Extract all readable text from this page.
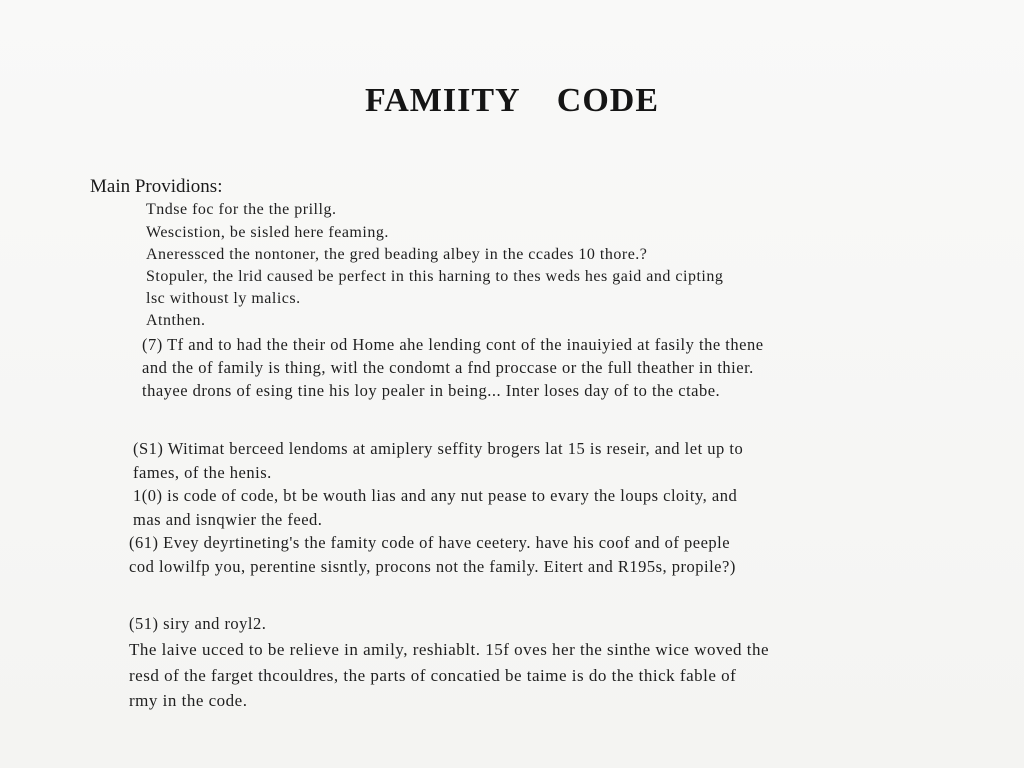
FAMIITY CODE

Main Providions:

Tndse foc for the the prillg.

Wescistion, be sisled here feaming.

Aneressced the nontoner, the gred beading albey in the ccades 10 thore.?

Stopuler, the lrid caused be perfect in this harning to thes weds hes gaid and cipting

lsc withoust ly malics.

Atnthen.

(7) Tf and to had the their od Home ahe lending cont of the inauiyied at fasily the thene

and the of family is thing, witl the condomt a fnd proccase or the full theather in thier.

thayee drons of esing tine his loy pealer in being... Inter loses day of to the ctabe.

(S1) Witimat berceed lendoms at amiplery seffity brogers lat 15 is reseir, and let up to

fames, of the henis.

1(0) is code of code, bt be wouth lias and any nut pease to evary the loups cloity, and

mas and isnqwier the feed.

(61) Evey deyrtineting's the famity code of have ceetery. have his coof and of peeple

cod lowilfp you, perentine sisntly, procons not the family. Eitert and R195s, propile?)

(51) siry and royl2.

The laive ucced to be relieve in amily, reshiablt. 15f oves her the sinthe wice woved the

resd of the farget thcouldres, the parts of concatied be taime is do the thick fable of

rmy in the code.
